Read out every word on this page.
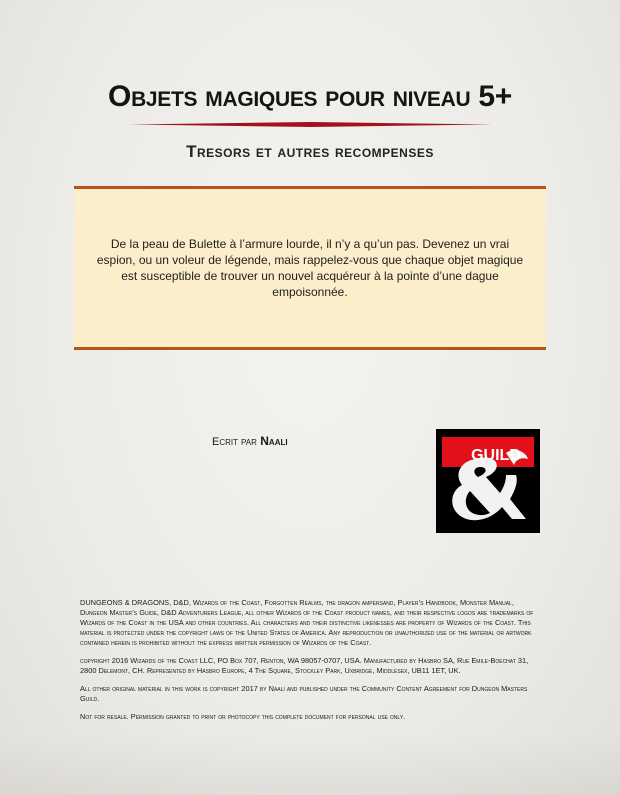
Objets magiques pour niveau 5+
Tresors et autres recompenses

De la peau de Bulette à l’armure lourde, il n’y a qu’un pas. Devenez un vrai espion, ou un voleur de légende, mais rappelez-vous que chaque objet magique est susceptible de trouver un nouvel acquéreur à la pointe d’une dague empoisonnée.

Ecrit par Naali
GUILD

DUNGEONS & DRAGONS, D&D, Wizards of the Coast, Forgotten Realms, the dragon ampersand, Player’s Handbook, Monster Manual, Dungeon Master’s Guide, D&D Adventurers League, all other Wizards of the Coast product names, and their respective logos are trademarks of Wizards of the Coast in the USA and other countries. All characters and their distinctive likenesses are property of Wizards of the Coast. This material is protected under the copyright laws of the United States of America. Any reproduction or unauthorized use of the material or artwork contained herein is prohibited without the express written permission of Wizards of the Coast.

copyright 2016 Wizards of the Coast LLC, PO Box 707, Renton, WA 98057-0707, USA. Manufactured by Hasbro SA, Rue Emile-Boechat 31, 2800 Delemont, CH. Represented by Hasbro Europe, 4 The Square, Stockley Park, Uxbridge, Middlesex, UB11 1ET, UK.

All other original material in this work is copyright 2017 by Naali and published under the Community Content Agreement for Dungeon Masters Guild.

Not for resale. Permission granted to print or photocopy this complete document for personal use only.
